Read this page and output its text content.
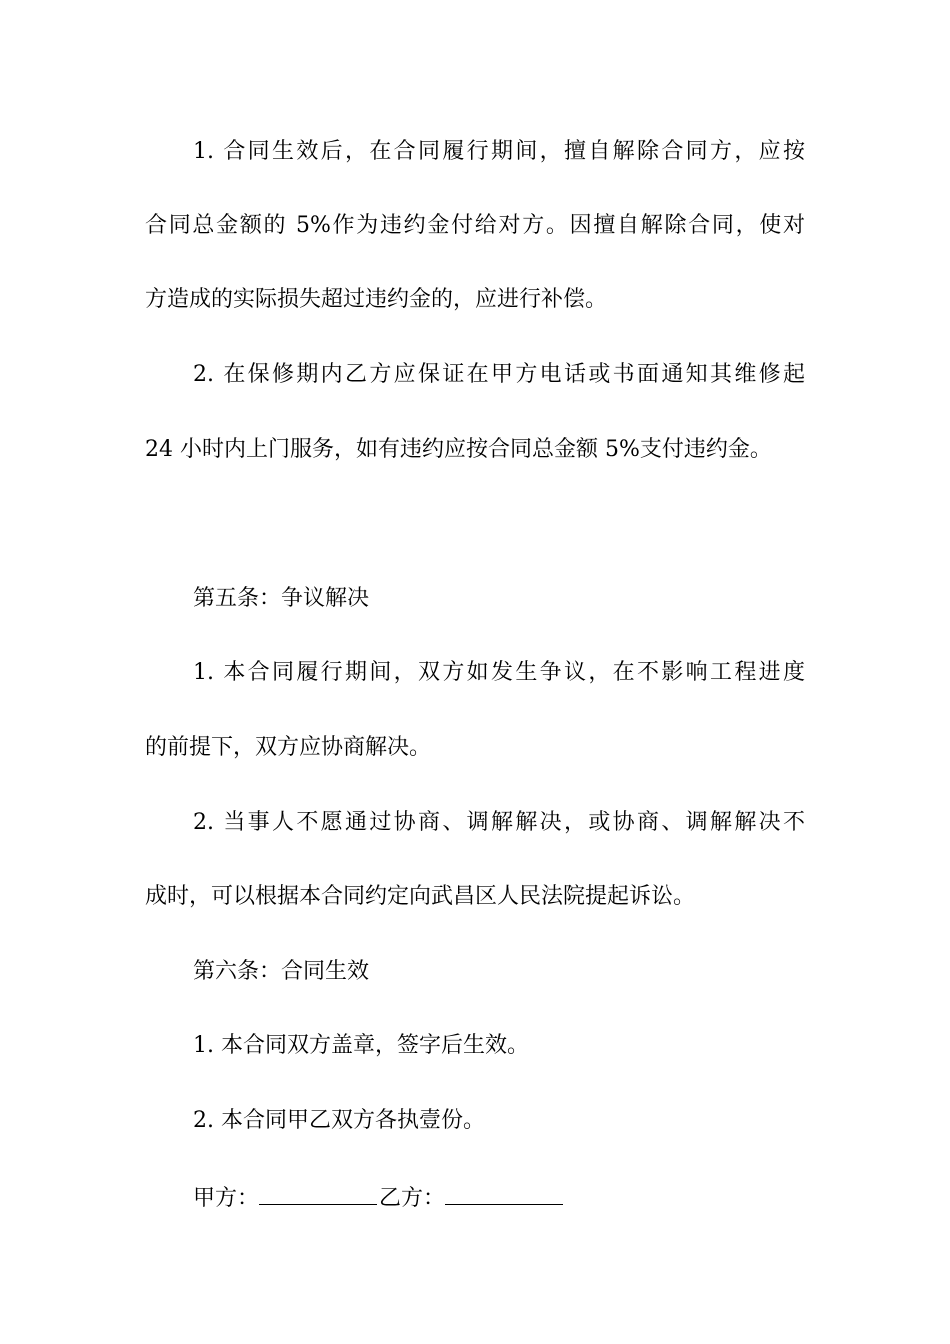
1. 合同生效后，在合同履行期间，擅自解除合同方，应按

合同总金额的 5%作为违约金付给对方。因擅自解除合同，使对

方造成的实际损失超过违约金的，应进行补偿。

2. 在保修期内乙方应保证在甲方电话或书面通知其维修起

24 小时内上门服务，如有违约应按合同总金额 5%支付违约金。

第五条：争议解决

1. 本合同履行期间，双方如发生争议，在不影响工程进度

的前提下，双方应协商解决。

2. 当事人不愿通过协商、调解解决，或协商、调解解决不

成时，可以根据本合同约定向武昌区人民法院提起诉讼。

第六条：合同生效

1. 本合同双方盖章，签字后生效。

2. 本合同甲乙双方各执壹份。

甲方：	乙方：
